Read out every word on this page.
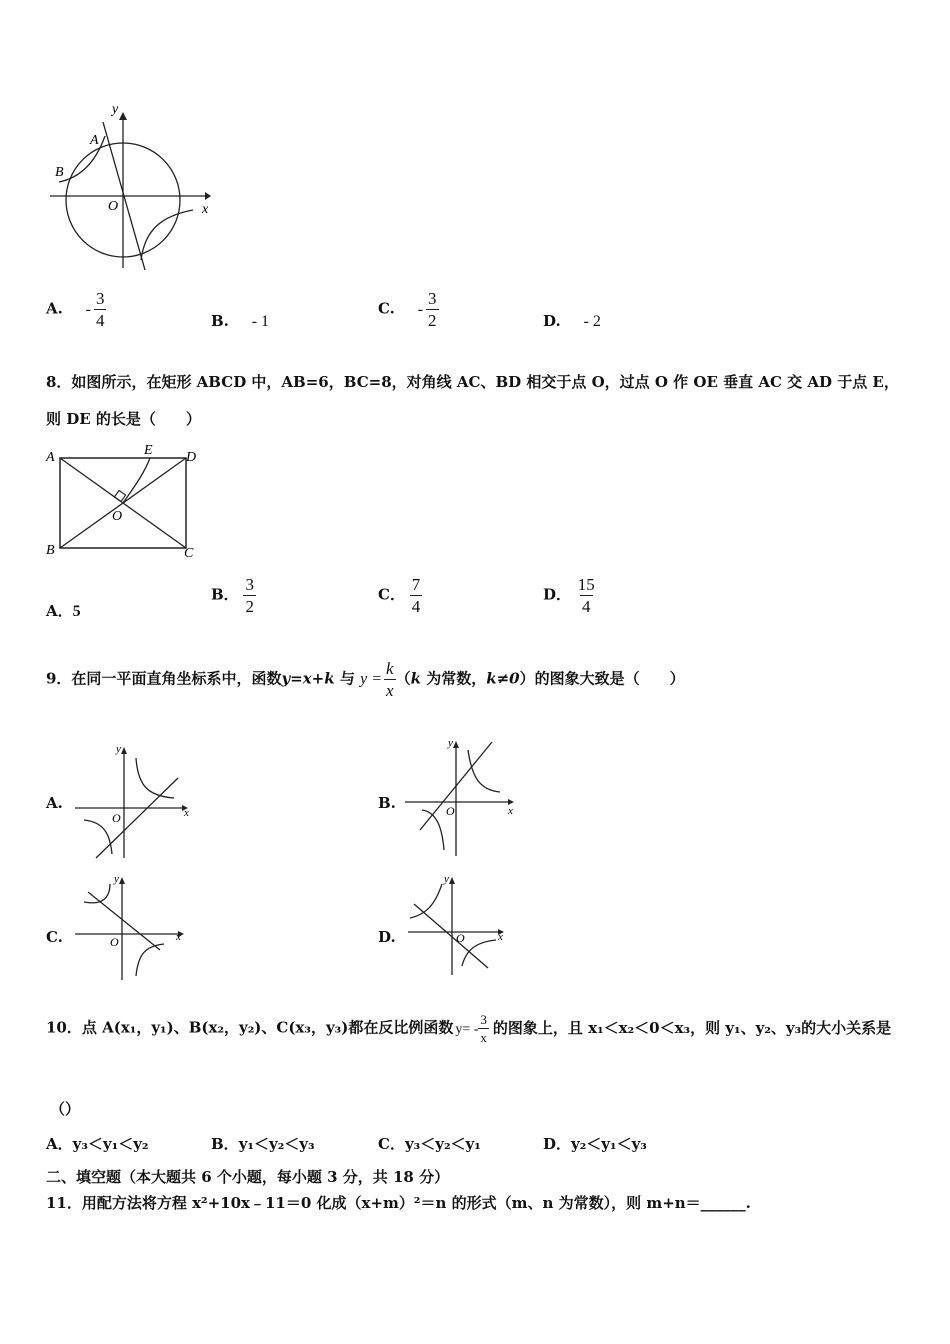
y
x
O
A
B
A. - $\frac{3}{4}$	B. - 1
C. - $\frac{3}{2}$	D. - 2
8．如图所示，在矩形 ABCD 中，AB=6，BC=8，对角线 AC、BD 相交于点 O，过点 O 作 OE 垂直 AC 交 AD 于点 E，
则 DE 的长是（　　）
A
B	C
D
E
O
A．5
B． $\frac{3}{2}$	C． $\frac{7}{4}$	D． $\frac{15}{4}$
9．在同一平面直角坐标系中，函数y=x+k 与 $y = \frac{k}{x} (k$ 为常数，k≠0）的图象大致是（　　）
A.
y
x
O
B.
y
x
O
C.
y
x
O	D.
y
x
O
10．点 A(x₁，y₁)、B(x₂，y₂)、C(x₃，y₃)都在反比例函数 $y= - \frac{3}{x}$ 的图象上，且 x₁＜x₂＜0＜x₃，则 y₁、y₂、y₃的大小关系是
（）
A．y₃＜y₁＜y₂	B．y₁＜y₂＜y₃	C．y₃＜y₂＜y₁	D．y₂＜y₁＜y₃
二、填空题（本大题共 6 个小题，每小题 3 分，共 18 分）
11．用配方法将方程 x²+10x﹣11＝0 化成（x+m）²＝n 的形式（m、n 为常数），则 m+n＝______.
